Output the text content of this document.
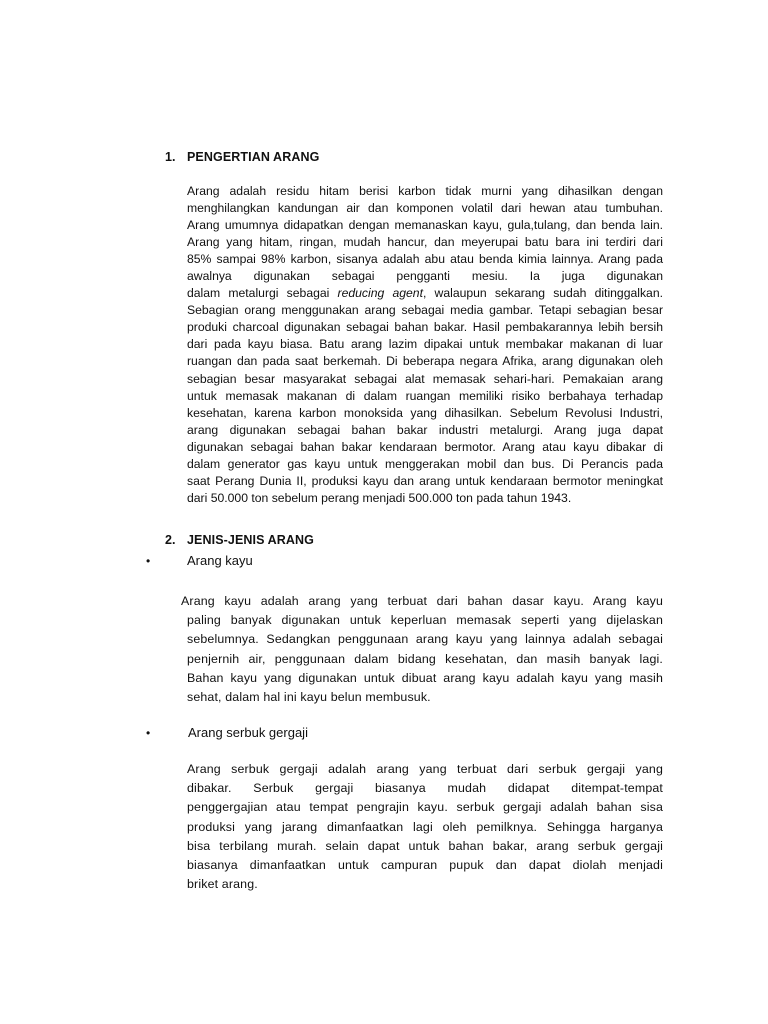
1. PENGERTIAN ARANG
Arang adalah residu hitam berisi karbon tidak murni yang dihasilkan dengan
menghilangkan kandungan air dan komponen volatil dari hewan atau tumbuhan.
Arang umumnya didapatkan dengan memanaskan kayu, gula,tulang, dan benda lain.
Arang yang hitam, ringan, mudah hancur, dan meyerupai batu bara ini terdiri dari
85% sampai 98% karbon, sisanya adalah abu atau benda kimia lainnya. Arang pada
awalnya digunakan sebagai pengganti mesiu. Ia juga digunakan
dalam metalurgi sebagai reducing agent, walaupun sekarang sudah ditinggalkan.
Sebagian orang menggunakan arang sebagai media gambar. Tetapi sebagian besar
produki charcoal digunakan sebagai bahan bakar. Hasil pembakarannya lebih bersih
dari pada kayu biasa. Batu arang lazim dipakai untuk membakar makanan di luar
ruangan dan pada saat berkemah. Di beberapa negara Afrika, arang digunakan oleh
sebagian besar masyarakat sebagai alat memasak sehari-hari. Pemakaian arang
untuk memasak makanan di dalam ruangan memiliki risiko berbahaya terhadap
kesehatan, karena karbon monoksida yang dihasilkan. Sebelum Revolusi Industri,
arang digunakan sebagai bahan bakar industri metalurgi. Arang juga dapat
digunakan sebagai bahan bakar kendaraan bermotor. Arang atau kayu dibakar di
dalam generator gas kayu untuk menggerakan mobil dan bus. Di Perancis pada
saat Perang Dunia II, produksi kayu dan arang untuk kendaraan bermotor meningkat
dari 50.000 ton sebelum perang menjadi 500.000 ton pada tahun 1943.
2. JENIS-JENIS ARANG
•	Arang kayu
Arang kayu adalah arang yang terbuat dari bahan dasar kayu. Arang kayu
paling banyak digunakan untuk keperluan memasak seperti yang dijelaskan
sebelumnya. Sedangkan penggunaan arang kayu yang lainnya adalah sebagai
penjernih air, penggunaan dalam bidang kesehatan, dan masih banyak lagi.
Bahan kayu yang digunakan untuk dibuat arang kayu adalah kayu yang masih
sehat, dalam hal ini kayu belun membusuk.
•	Arang serbuk gergaji
Arang serbuk gergaji adalah arang yang terbuat dari serbuk gergaji yang
dibakar. Serbuk gergaji biasanya mudah didapat ditempat-tempat
penggergajian atau tempat pengrajin kayu. serbuk gergaji adalah bahan sisa
produksi yang jarang dimanfaatkan lagi oleh pemilknya. Sehingga harganya
bisa terbilang murah. selain dapat untuk bahan bakar, arang serbuk gergaji
biasanya dimanfaatkan untuk campuran pupuk dan dapat diolah menjadi
briket arang.
